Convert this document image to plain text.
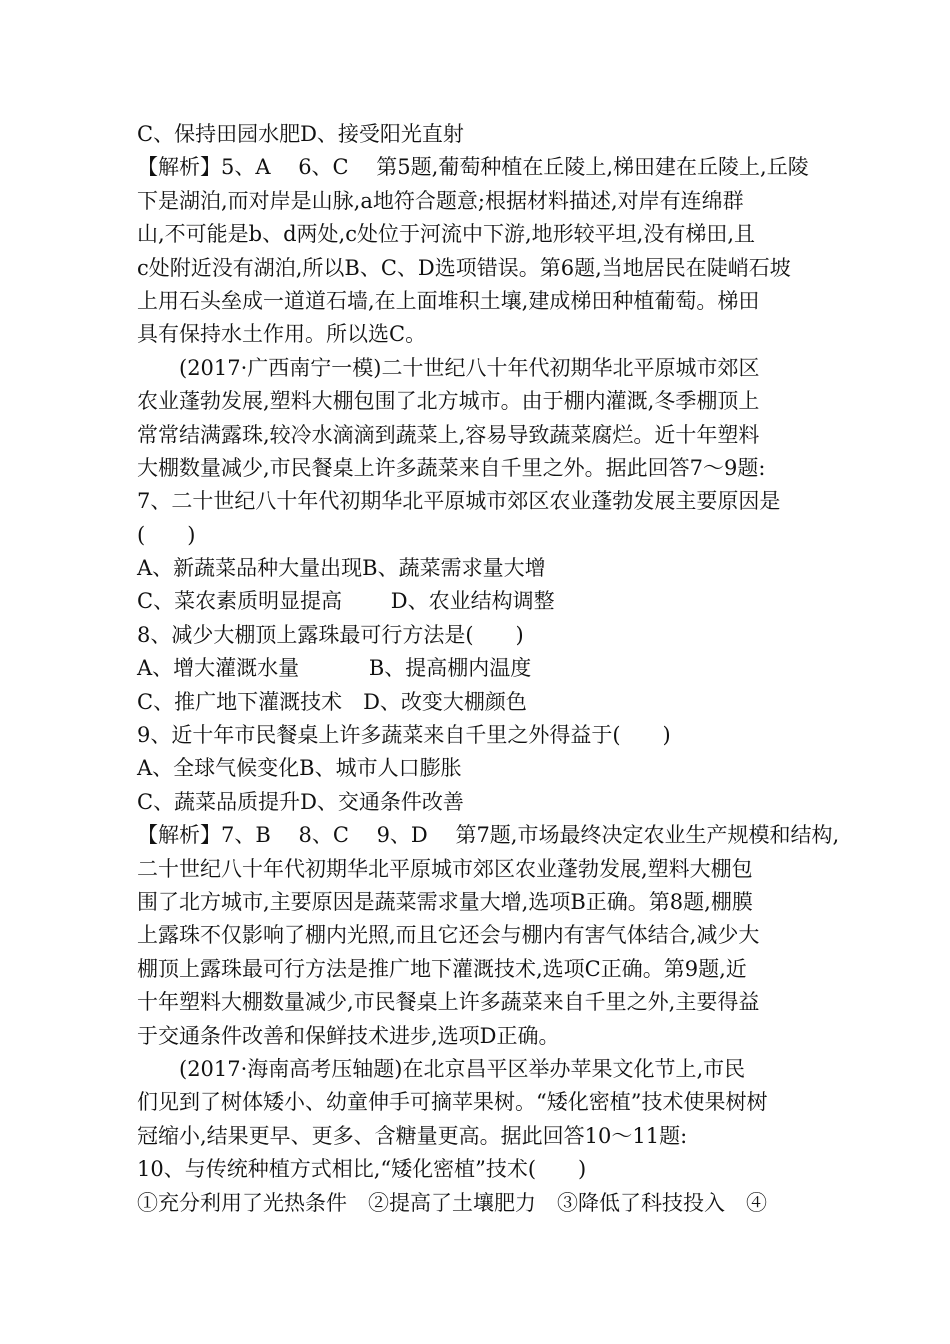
C、保持田园水肥D、接受阳光直射
【解析】5、A　 6、C　 第5题,葡萄种植在丘陵上,梯田建在丘陵上,丘陵
下是湖泊,而对岸是山脉,a地符合题意;根据材料描述,对岸有连绵群
山,不可能是b、d两处,c处位于河流中下游,地形较平坦,没有梯田,且
c处附近没有湖泊,所以B、C、D选项错误。第6题,当地居民在陡峭石坡
上用石头垒成一道道石墙,在上面堆积土壤,建成梯田种植葡萄。梯田
具有保持水土作用。所以选C。
(2017·广西南宁一模)二十世纪八十年代初期华北平原城市郊区
农业蓬勃发展,塑料大棚包围了北方城市。由于棚内灌溉,冬季棚顶上
常常结满露珠,较冷水滴滴到蔬菜上,容易导致蔬菜腐烂。近十年塑料
大棚数量减少,市民餐桌上许多蔬菜来自千里之外。据此回答7～9题:
7、二十世纪八十年代初期华北平原城市郊区农业蓬勃发展主要原因是
(　　)
A、新蔬菜品种大量出现B、蔬菜需求量大增
C、菜农素质明显提高　　 D、农业结构调整
8、减少大棚顶上露珠最可行方法是(　　)
A、增大灌溉水量　　　 B、提高棚内温度
C、推广地下灌溉技术　D、改变大棚颜色
9、近十年市民餐桌上许多蔬菜来自千里之外得益于(　　)
A、全球气候变化B、城市人口膨胀
C、蔬菜品质提升D、交通条件改善
【解析】7、B　 8、C　 9、D　 第7题,市场最终决定农业生产规模和结构,
二十世纪八十年代初期华北平原城市郊区农业蓬勃发展,塑料大棚包
围了北方城市,主要原因是蔬菜需求量大增,选项B正确。第8题,棚膜
上露珠不仅影响了棚内光照,而且它还会与棚内有害气体结合,减少大
棚顶上露珠最可行方法是推广地下灌溉技术,选项C正确。第9题,近
十年塑料大棚数量减少,市民餐桌上许多蔬菜来自千里之外,主要得益
于交通条件改善和保鲜技术进步,选项D正确。
(2017·海南高考压轴题)在北京昌平区举办苹果文化节上,市民
们见到了树体矮小、幼童伸手可摘苹果树。“矮化密植”技术使果树树
冠缩小,结果更早、更多、含糖量更高。据此回答10～11题:
10、与传统种植方式相比,“矮化密植”技术(　　)
①充分利用了光热条件　②提高了土壤肥力　③降低了科技投入　④
